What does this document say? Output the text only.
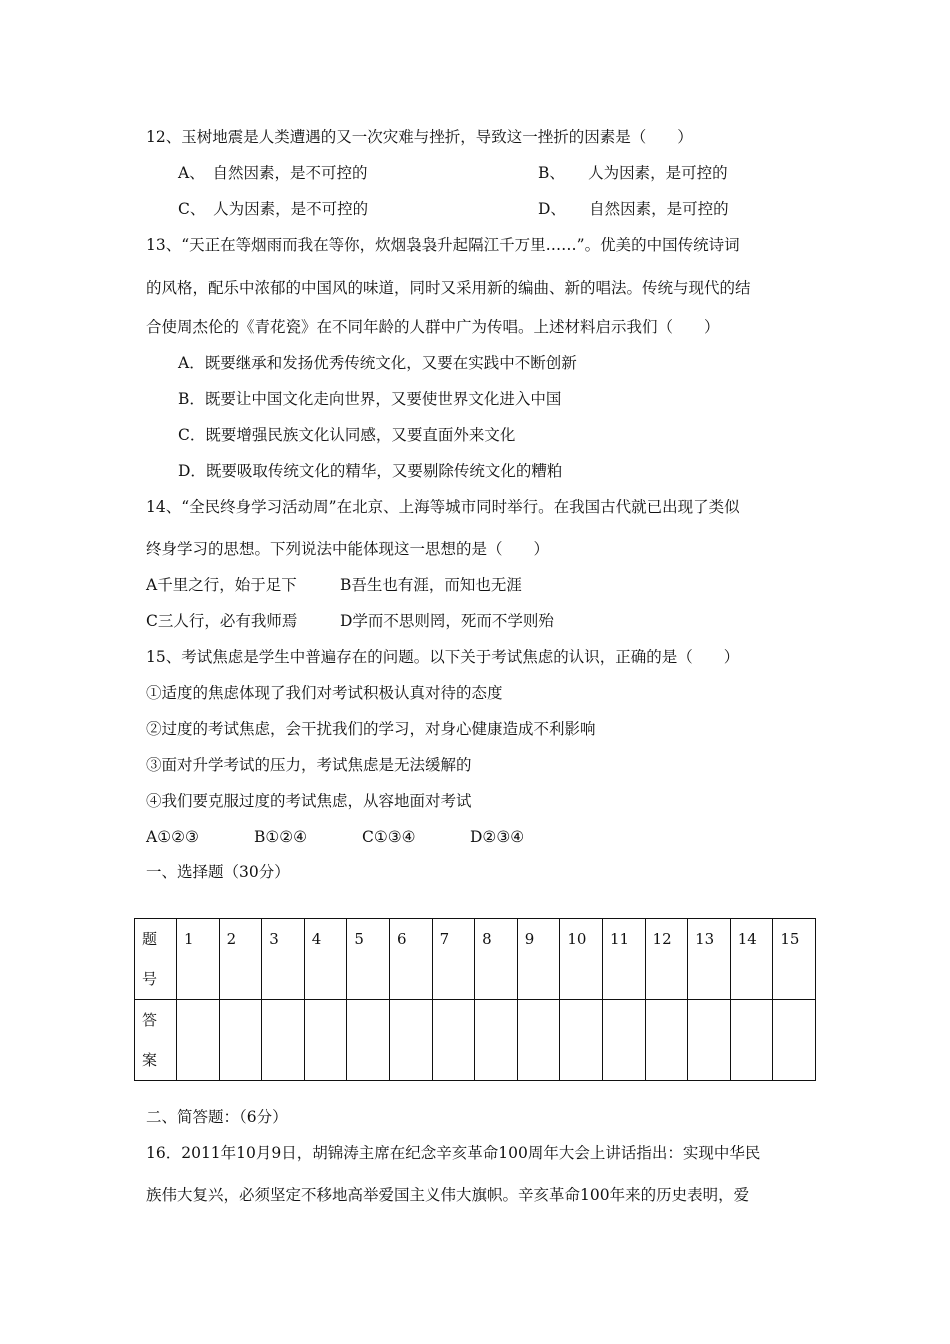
12、玉树地震是人类遭遇的又一次灾难与挫折，导致这一挫折的因素是（　　）
A、　自然因素，是不可控的	B、　　人为因素，是可控的
C、　人为因素，是不可控的	D、　　自然因素，是可控的
13、“天正在等烟雨而我在等你，炊烟袅袅升起隔江千万里……”。优美的中国传统诗词
的风格，配乐中浓郁的中国风的味道，同时又采用新的编曲、新的唱法。传统与现代的结
合使周杰伦的《青花瓷》在不同年龄的人群中广为传唱。上述材料启示我们（　　）
A．既要继承和发扬优秀传统文化，又要在实践中不断创新
B．既要让中国文化走向世界，又要使世界文化进入中国
C．既要增强民族文化认同感，又要直面外来文化
D．既要吸取传统文化的精华，又要剔除传统文化的糟粕
14、“全民终身学习活动周”在北京、上海等城市同时举行。在我国古代就已出现了类似
终身学习的思想。下列说法中能体现这一思想的是（　　）
A千里之行，始于足下	B吾生也有涯，而知也无涯
C三人行，必有我师焉	D学而不思则罔，死而不学则殆
15、考试焦虑是学生中普遍存在的问题。以下关于考试焦虑的认识，正确的是（　　）
①适度的焦虑体现了我们对考试积极认真对待的态度
②过度的考试焦虑，会干扰我们的学习，对身心健康造成不利影响
③面对升学考试的压力，考试焦虑是无法缓解的
④我们要克服过度的考试焦虑，从容地面对考试
A①②③	B①②④	C①③④	D②③④
一、选择题（30分）
题
号	1	2	3	4	5	6	7	8	9	10	11	12	13	14	15

答
案															

二、简答题：（6分）
16．2011年10月9日，胡锦涛主席在纪念辛亥革命100周年大会上讲话指出：实现中华民
族伟大复兴，必须坚定不移地高举爱国主义伟大旗帜。辛亥革命100年来的历史表明，爱
